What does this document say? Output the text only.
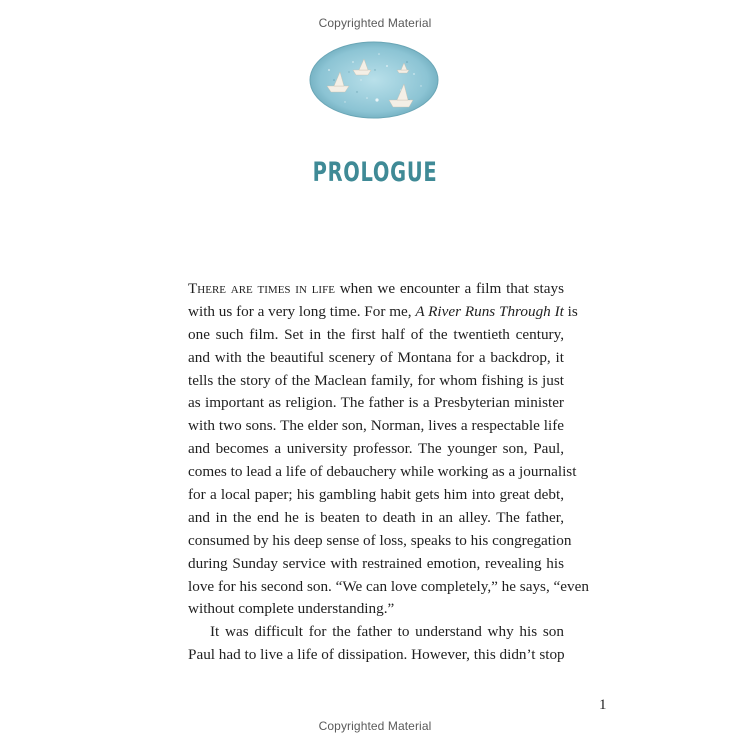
Copyrighted Material
PROLOGUE
There are times in life when we encounter a film that stays
with us for a very long time. For me, A River Runs Through It is
one such film. Set in the first half of the twentieth century,
and with the beautiful scenery of Montana for a backdrop, it
tells the story of the Maclean family, for whom fishing is just
as important as religion. The father is a Presbyterian minister
with two sons. The elder son, Norman, lives a respectable life
and becomes a university professor. The younger son, Paul,
comes to lead a life of debauchery while working as a journalist
for a local paper; his gambling habit gets him into great debt,
and in the end he is beaten to death in an alley. The father,
consumed by his deep sense of loss, speaks to his congregation
during Sunday service with restrained emotion, revealing his
love for his second son. “We can love completely,” he says, “even
without complete understanding.”
It was difficult for the father to understand why his son
Paul had to live a life of dissipation. However, this didn’t stop
1
Copyrighted Material
